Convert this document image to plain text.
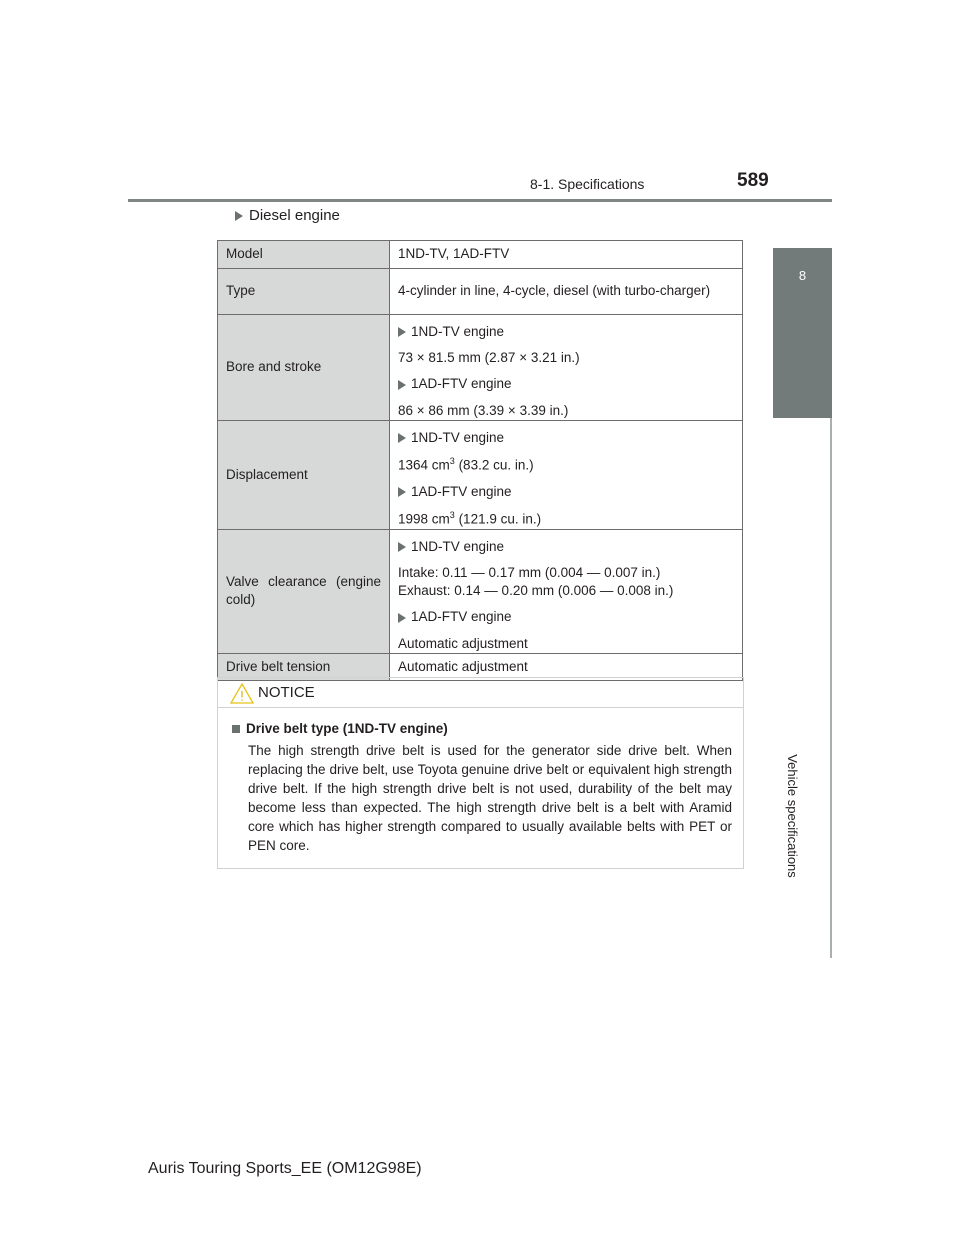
8-1. Specifications	589
8
Vehicle specifications
Diesel engine
Model	1ND-TV, 1AD-FTV
Type	4-cylinder in line, 4-cycle, diesel (with turbo-charger)
Bore and stroke	1ND-TV engine
73 × 81.5 mm (2.87 × 3.21 in.)
1AD-FTV engine
86 × 86 mm (3.39 × 3.39 in.)

Displacement	1ND-TV engine
1364 $cm^3$ (83.2 cu. in.)
1AD-FTV engine
1998 $cm^3$ (121.9 cu. in.)

Valve clearance (engine cold)	1ND-TV engine
Intake: 0.11 — 0.17 mm (0.004 — 0.007 in.)
Exhaust: 0.14 — 0.20 mm (0.006 — 0.008 in.)
1AD-FTV engine
Automatic adjustment

Drive belt tension	Automatic adjustment
NOTICE
Drive belt type (1ND-TV engine)
The high strength drive belt is used for the generator side drive belt. When replacing the drive belt, use Toyota genuine drive belt or equivalent high strength drive belt. If the high strength drive belt is not used, durability of the belt may become less than expected. The high strength drive belt is a belt with Aramid core which has higher strength compared to usually available belts with PET or PEN core.
Auris Touring Sports_EE (OM12G98E)
